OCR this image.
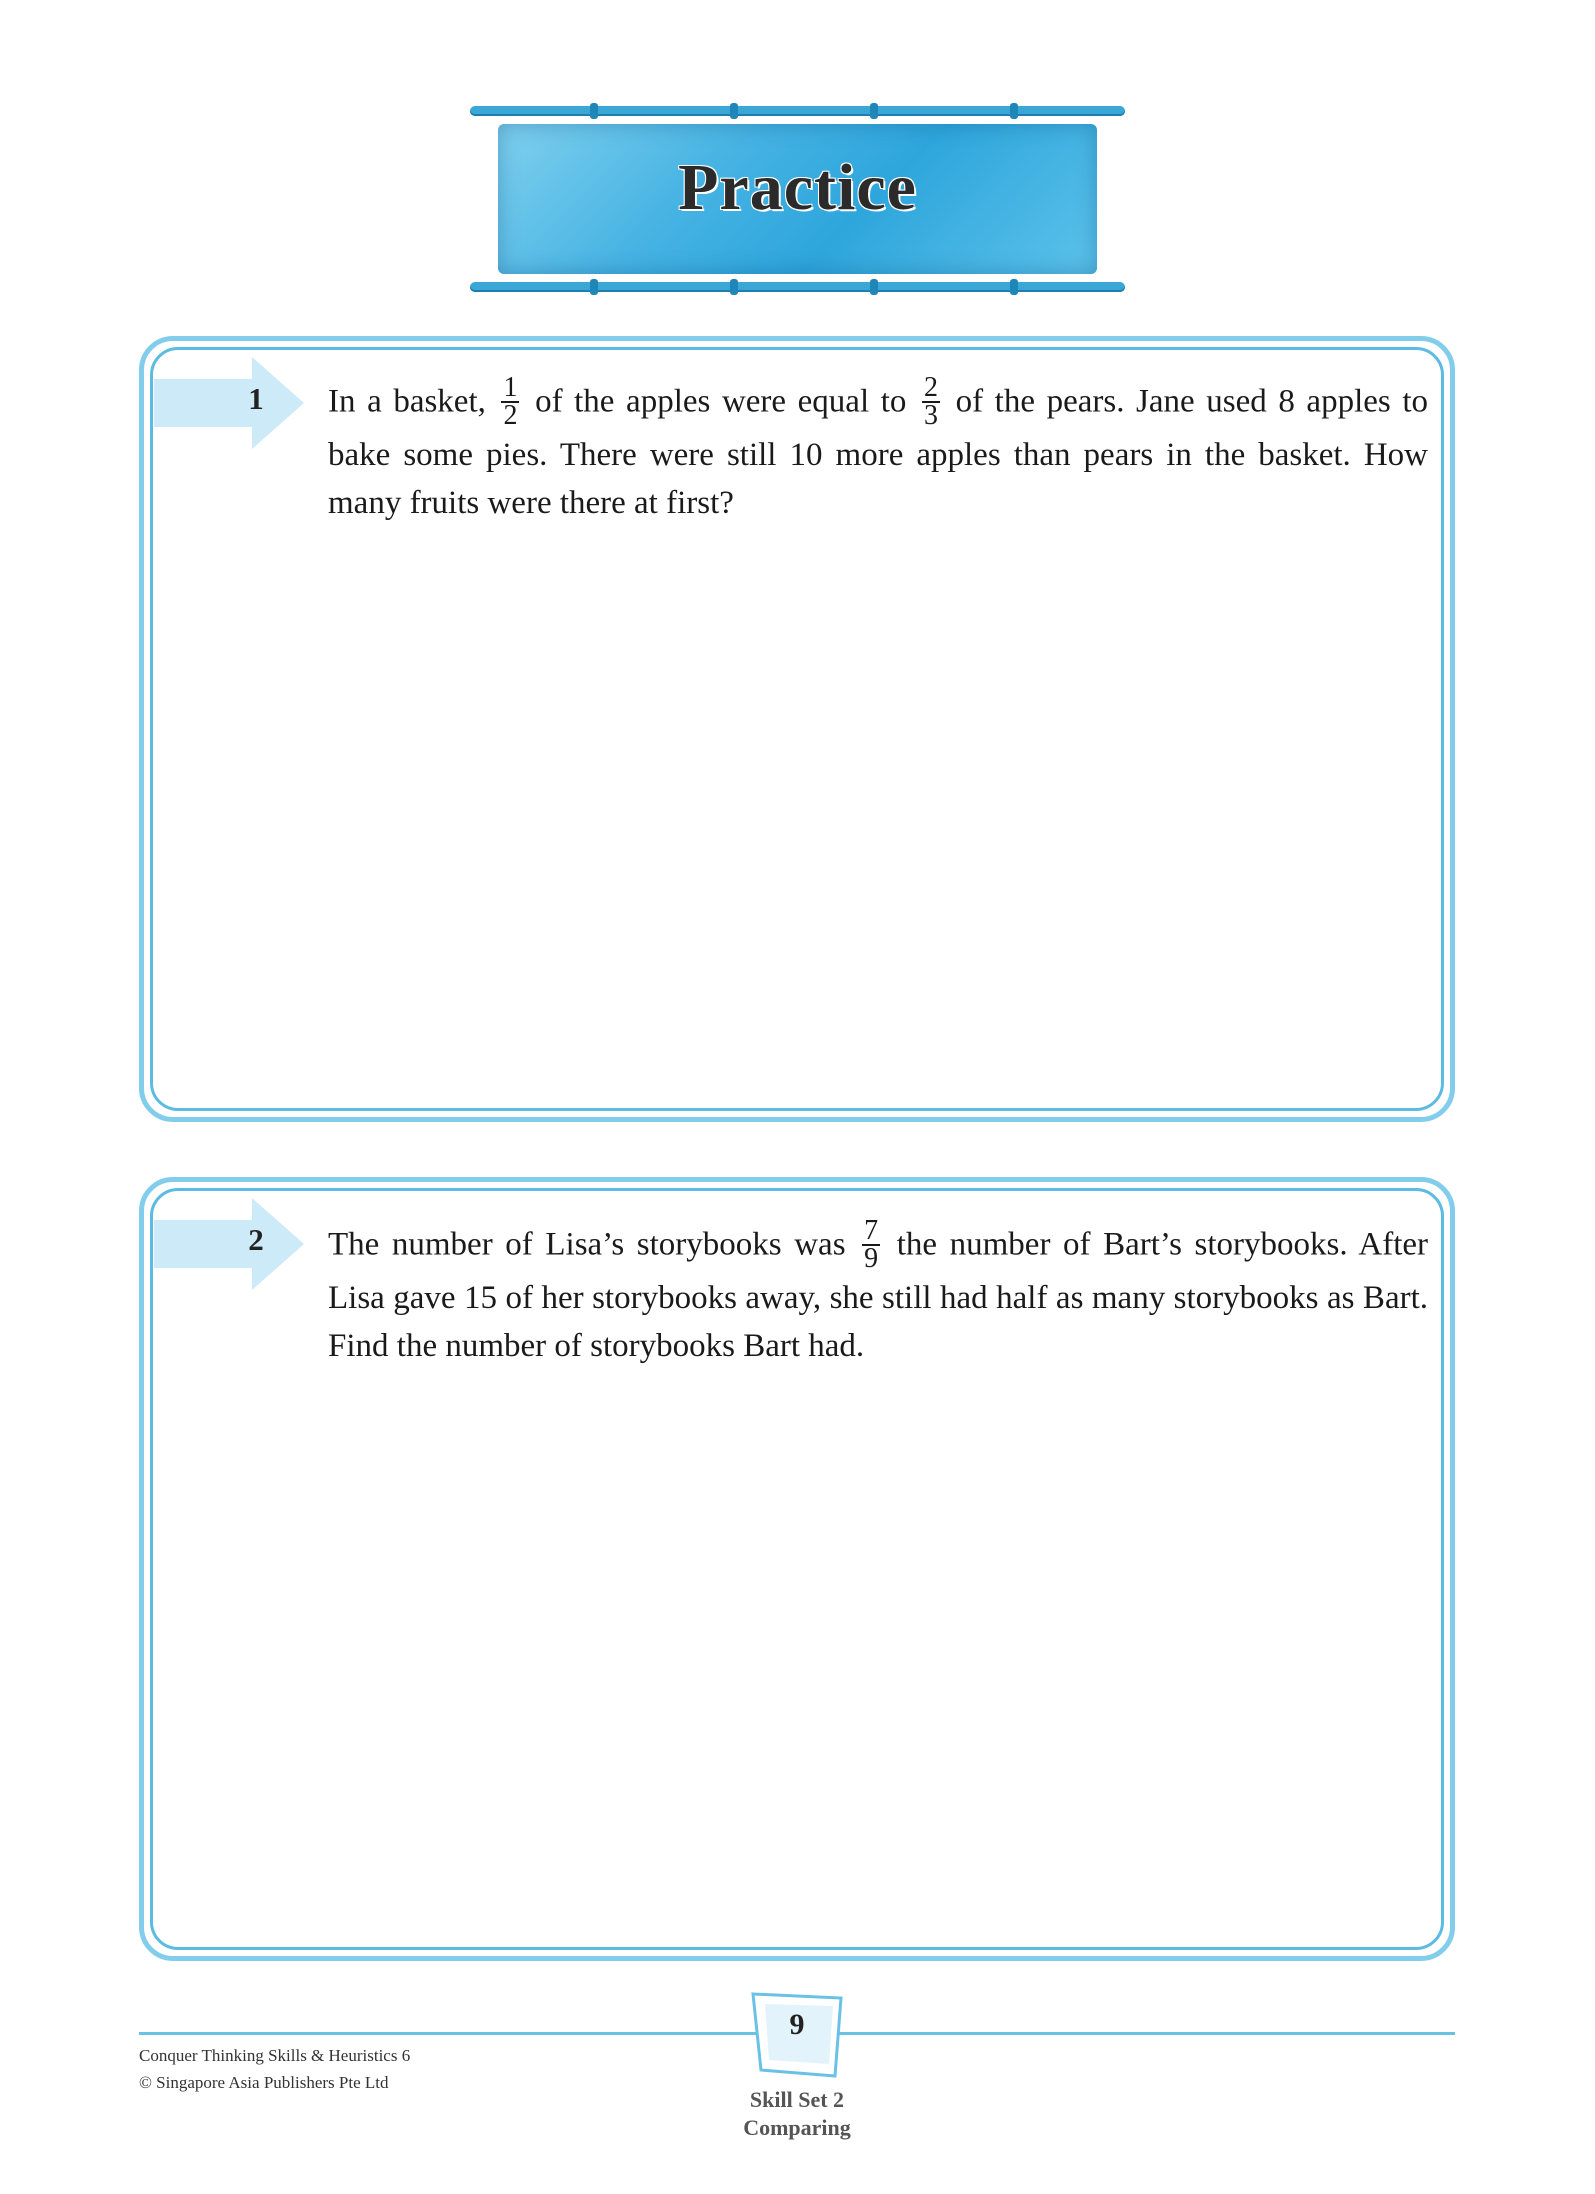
Practice
1 In a basket, $\frac{1}{2}$ of the apples were equal to $\frac{2}{3}$ of the pears. Jane used 8 apples to bake some pies. There were still 10 more apples than pears in the basket. How many fruits were there at first?
2 The number of Lisa’s storybooks was $\frac{7}{9}$ the number of Bart’s storybooks. After Lisa gave 15 of her storybooks away, she still had half as many storybooks as Bart. Find the number of storybooks Bart had.
9
Conquer Thinking Skills & Heuristics 6
© Singapore Asia Publishers Pte Ltd
Skill Set 2
Comparing
